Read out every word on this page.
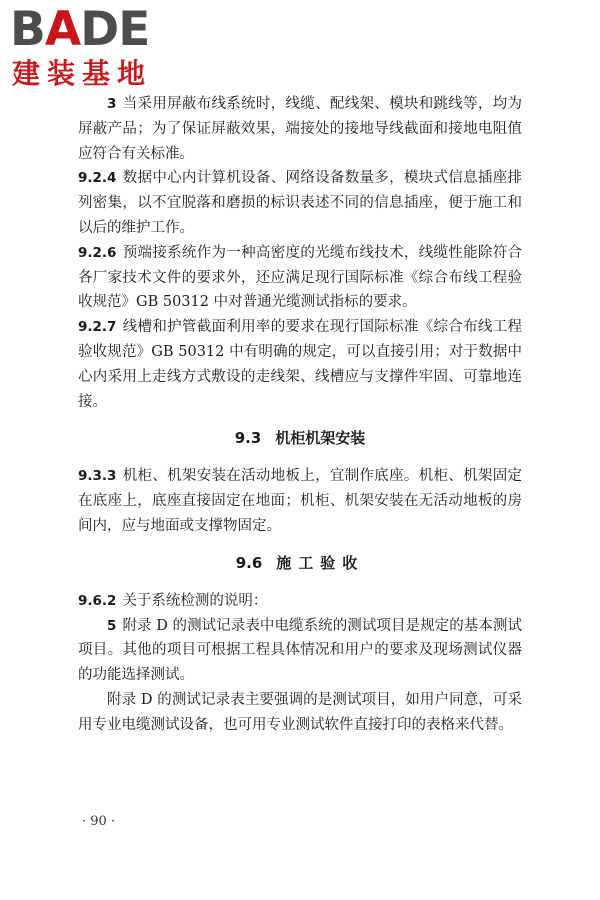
BADE
建装基地

3 当采用屏蔽布线系统时，线缆、配线架、模块和跳线等，均为屏蔽产品；为了保证屏蔽效果，端接处的接地导线截面和接地电阻值应符合有关标准。

9.2.4 数据中心内计算机设备、网络设备数量多，模块式信息插座排列密集，以不宜脱落和磨损的标识表述不同的信息插座，便于施工和以后的维护工作。

9.2.6 预端接系统作为一种高密度的光缆布线技术，线缆性能除符合各厂家技术文件的要求外，还应满足现行国际标准《综合布线工程验收规范》GB 50312 中对普通光缆测试指标的要求。

9.2.7 线槽和护管截面利用率的要求在现行国际标准《综合布线工程验收规范》GB 50312 中有明确的规定，可以直接引用；对于数据中心内采用上走线方式敷设的走线架、线槽应与支撑件牢固、可靠地连接。

9.3 机柜机架安装

9.3.3 机柜、机架安装在活动地板上，宜制作底座。机柜、机架固定在底座上，底座直接固定在地面；机柜、机架安装在无活动地板的房间内，应与地面或支撑物固定。

9.6 施工验收

9.6.2 关于系统检测的说明：

5 附录 D 的测试记录表中电缆系统的测试项目是规定的基本测试项目。其他的项目可根据工程具体情况和用户的要求及现场测试仪器的功能选择测试。

附录 D 的测试记录表主要强调的是测试项目，如用户同意，可采用专业电缆测试设备，也可用专业测试软件直接打印的表格来代替。

· 90 ·
